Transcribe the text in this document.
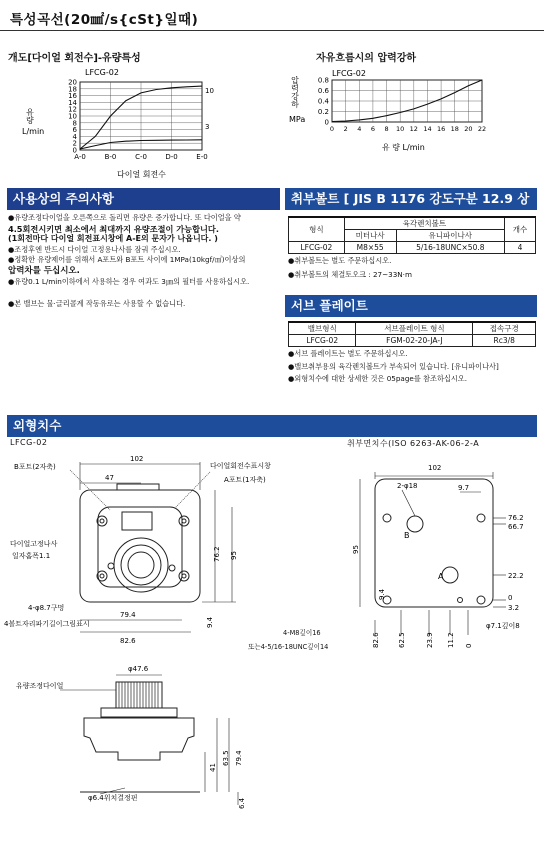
특성곡선(20㎟/s{cSt}일때)
개도[다이얼 회전수]-유량특성
LFCG-02
유량
L/min
20
18
16
14
12
10
8
6
4
2
0
A-0	B-0	C-0	D-0	E-0
10
3
다이얼 회전수
자유흐름시의 압력강하
LFCG-02
압력강하
MPa
0.8
0.6
0.4
0.2
0
0 2 4 6 8 10 12 14 16 18 20 22
유 량 L/min
사용상의 주의사항

●유량조정다이얼을 오른쪽으로 돌리면 유량은 증가합니다. 또 다이얼을 약

4.5회전시키면 최소에서 최대까지 유량조절이 가능합니다.

(1회전마다 다이얼 회전표시창에 A-E의 문자가 나옵니다. )

●조정후엔 반드시 다이얼 고정용나사를 잠궈 주십시오.

●정확한 유량제어를 위해서 A포트와 B포트 사이에 1MPa(10kgf/㎠)이상의

압력차를 두십시오.

●유량0.1 L/min이하에서 사용하는 경우 여과도 3㎛의 필터를 사용하십시오.

●본 밸브는 물·글리콜계 작동유로는 사용할 수 없습니다.

취부볼트 [ JIS B 1176 강도구분 12.9 상당 ]
형식	육각렌치볼트		개수
	미터나사	유니파이나사	
LFCG-02	M8×55	5/16-18UNC×50.8	4

●취부볼트는 별도 주문하십시오.

●취부볼트의 체결토오크 : 27~33N·m

서브 플레이트
밸브형식	서브플레이트 형식	접속구경
LFCG-02	FGM-02-20-JA-J	Rc3/8

●서브 플레이트는 별도 주문하십시오.

●밸브취부용의 육각렌치볼트가 부속되어 있습니다. [유니파이나사]

●외형치수에 대한 상세한 것은 05page를 참조하십시오.

외형치수
LFCG-02	취부면치수(ISO 6263-AK-06-2-A
102
47
95
76.2
79.4
82.6
9.4
B포트(2자축)	다이얼회전수표시창
A포트(1자축)
다이얼고정나사
일자홈폭1.1
4-φ8.7구멍
4볼트자리파기길이그림표시
102
9.7
2-φ18
B
A
95
9.4
76.2
66.7
22.2
0
3.2
82.6	62.5	23.9 11.2 0
φ7.1깊이8
4-M8깊이16
또는4-5/16-18UNC깊이14
φ47.6
유량조정다이얼
79.4
63.5
41
6.4
φ6.4위치결정핀
